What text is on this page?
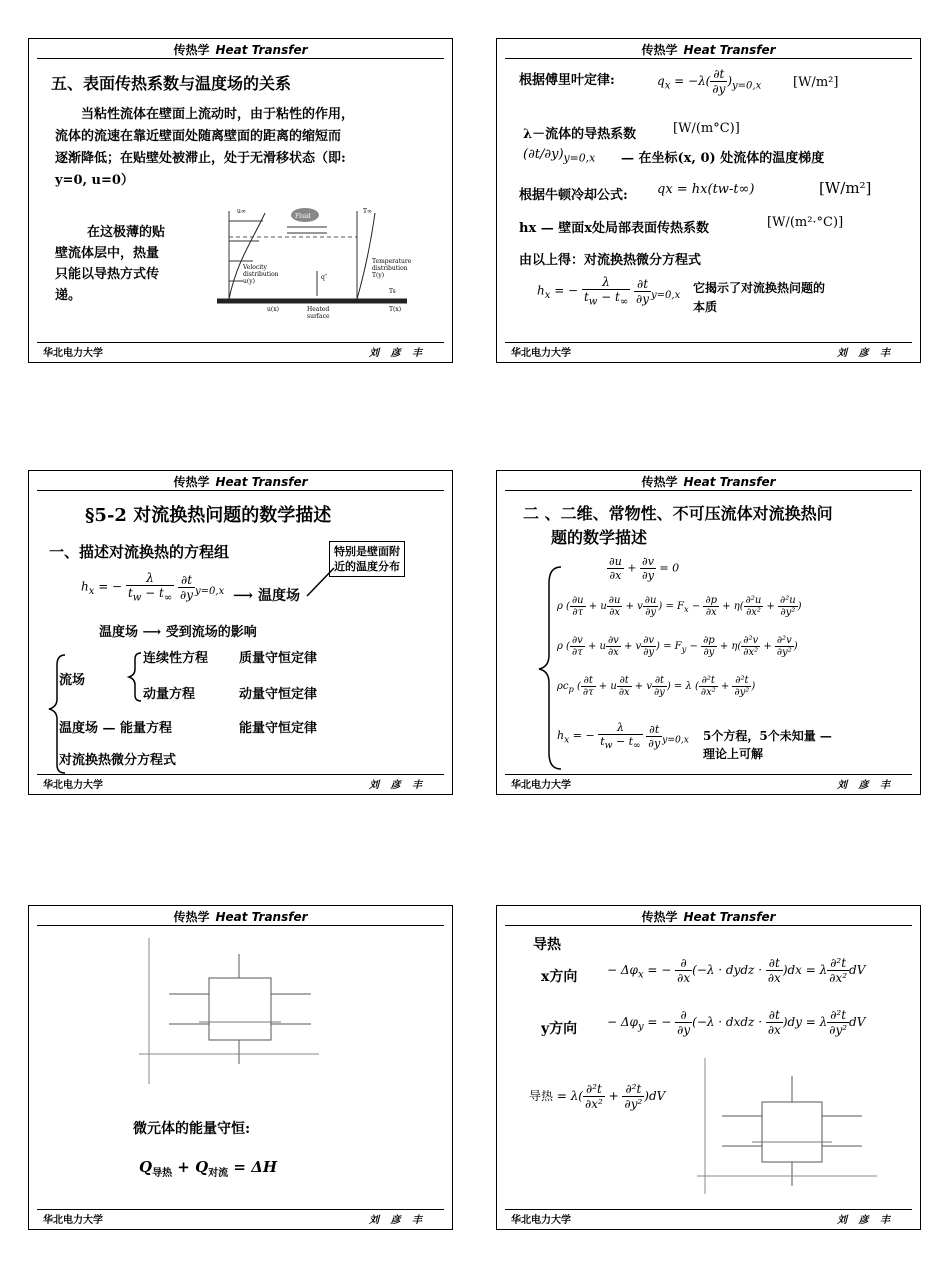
传热学 Heat Transfer
五、表面传热系数与温度场的关系
当粘性流体在壁面上流动时，由于粘性的作用，
流体的流速在靠近壁面处随离壁面的距离的缩短而
逐渐降低；在贴壁处被滞止，处于无滑移状态（即:
y=0, u=0）
在这极薄的贴
壁流体层中，热量
只能以导热方式传
递。
Fluid
Velocity
distribution
u(y)
Temperature
distribution
T(y)
Heated
surface
u∞	T∞
Ts
q″
u(x)	T(x)
华北电力大学	刘 彦 丰
传热学 Heat Transfer
根据傅里叶定律:	$q_x = -\lambda( \frac{\partial t}{\partial y} )_{y=0,x}$ [W/m²]
λ－流体的导热系数	[W/(m°C)]
$(\partial t/\partial y)_{y=0,x}$ — 在坐标(x, 0) 处流体的温度梯度
根据牛顿冷却公式: qx = hx(tw-t∞)	[W/m²]
hx — 壁面x处局部表面传热系数	[W/(m²·°C)]
由以上得：对流换热微分方程式
$h_x$ = − $\frac{\lambda}{t_w - t_\infty}$
$\frac{\partial t}{\partial y} _{y=0,x}$
它揭示了对流换热问题的
本质
华北电力大学	刘 彦 丰
传热学 Heat Transfer
§5-2 对流换热问题的数学描述
一、描述对流换热的方程组	特别是壁面附
近的温度分布
$h_x$ = − $\frac{\lambda}{t_w - t_\infty}$
$\frac{\partial t}{\partial y} _{y=0,x}$ ⟶ 温度场
温度场 ⟶ 受到流场的影响
流场
连续性方程 质量守恒定律
动量方程	动量守恒定律
温度场 — 能量方程	能量守恒定律
对流换热微分方程式
华北电力大学	刘 彦 丰
传热学 Heat Transfer
二 、二维、常物性、不可压流体对流换热问
题的数学描述
$\frac{\partial u}{\partial x} + \frac{\partial v}{\partial y} = 0$
ρ ( $\frac{\partial u}{\partial\tau} + u \frac{\partial u}{\partial x} + v \frac{\partial u}{\partial y}$ ) = $F_x - \frac{\partial p}{\partial x} + \eta( \frac{\text{∂²u}}{\text{∂x²}} + \frac{\text{∂²u}}{\text{∂y²}}$ )
ρ ( $\frac{\partial v}{\partial\tau} + u \frac{\partial v}{\partial x} + v \frac{\partial v}{\partial y}$ ) = $F_y - \frac{\partial p}{\partial y} + \eta( \frac{\text{∂²v}}{\text{∂x²}} + \frac{\text{∂²v}}{\text{∂y²}}$ )
$\rho c_p$ ( $\frac{\partial t}{\partial\tau} + u \frac{\partial t}{\partial x} + v \frac{\partial t}{\partial y}$ ) = λ ( $\frac{\text{∂²t}}{\text{∂x²}} + \frac{\text{∂²t}}{\text{∂y²}}$ )
$h_x$ = − $\frac{\lambda}{t_w - t_\infty}$
$\frac{\partial t}{\partial y} _{y=0,x}$ 5个方程，5个未知量 —
理论上可解
华北电力大学	刘 彦 丰
传热学 Heat Transfer
微元体的能量守恒:
$Q_{导热} + Q_{对流} = \Delta H$
华北电力大学	刘 彦 丰
传热学 Heat Transfer
导热
x方向 − $\Delta\varphi_x$ = − $\frac{\partial}{\partial x} (-\lambda$ · dydz · $\frac{\partial t}{\partial x} )dx = \lambda \frac{\text{∂²t}}{\text{∂x²}}$ dV
y方向 − $\Delta\varphi_y$ = − $\frac{\partial}{\partial y} (-\lambda$ · dxdz · $\frac{\partial t}{\partial x} )dy = \lambda \frac{\text{∂²t}}{\text{∂y²}}$ dV
导热 = $\lambda( \frac{\text{∂²t}}{\text{∂x²}} + \frac{\text{∂²t}}{\text{∂y²}} )dV$
华北电力大学	刘 彦 丰
